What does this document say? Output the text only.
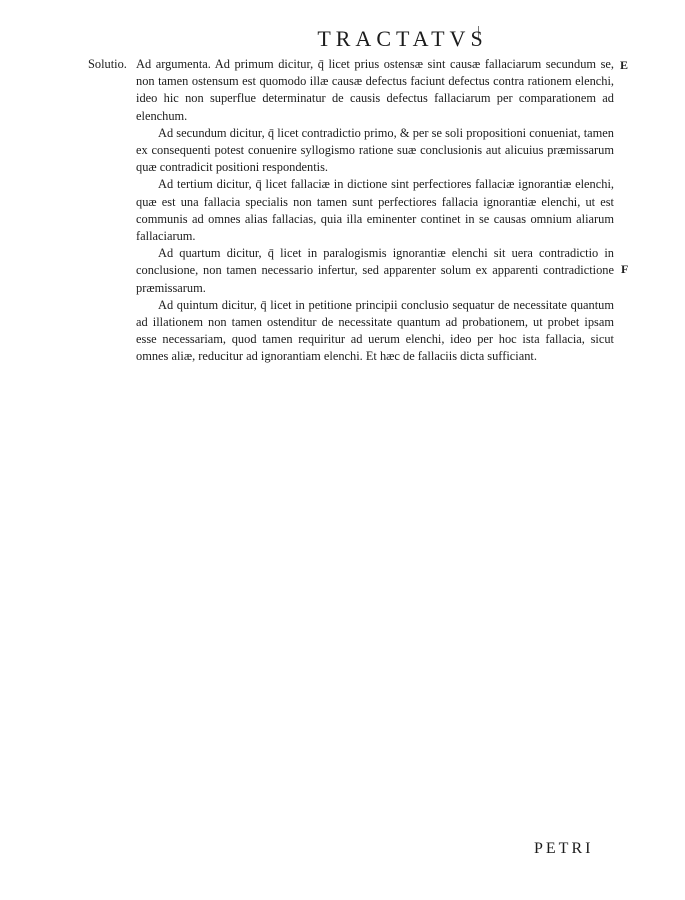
TRACTATVS
Solutio.	E
F

Ad argumenta. Ad primum dicitur, q̄ licet prius ostensæ sint causæ fallaciarum secundum se, non tamen ostensum est quomodo illæ causæ defectus faciunt defectus contra rationem elenchi, ideo hic non superflue determinatur de causis defectus fallaciarum per comparationem ad elenchum.

Ad secundum dicitur, q̄ licet contradictio primo, & per se soli propositioni conueniat, tamen ex consequenti potest conuenire syllogismo ratione suæ conclusionis aut alicuius præmissarum quæ contradicit positioni respondentis.

Ad tertium dicitur, q̄ licet fallaciæ in dictione sint perfectiores fallaciæ ignorantiæ elenchi, quæ est una fallacia specialis non tamen sunt perfectiores fallacia ignorantiæ elenchi, ut est communis ad omnes alias fallacias, quia illa eminenter continet in se causas omnium aliarum fallaciarum.

Ad quartum dicitur, q̄ licet in paralogismis ignorantiæ elenchi sit uera contradictio in conclusione, non tamen necessario infertur, sed apparenter solum ex apparenti contradictione præmissarum.

Ad quintum dicitur, q̄ licet in petitione principii conclusio sequatur de necessitate quantum ad illationem non tamen ostenditur de necessitate quantum ad probationem, ut probet ipsam esse necessariam, quod tamen requiritur ad uerum elenchi, ideo per hoc ista fallacia, sicut omnes aliæ, reducitur ad ignorantiam elenchi. Et hæc de fallaciis dicta sufficiant.

PETRI
